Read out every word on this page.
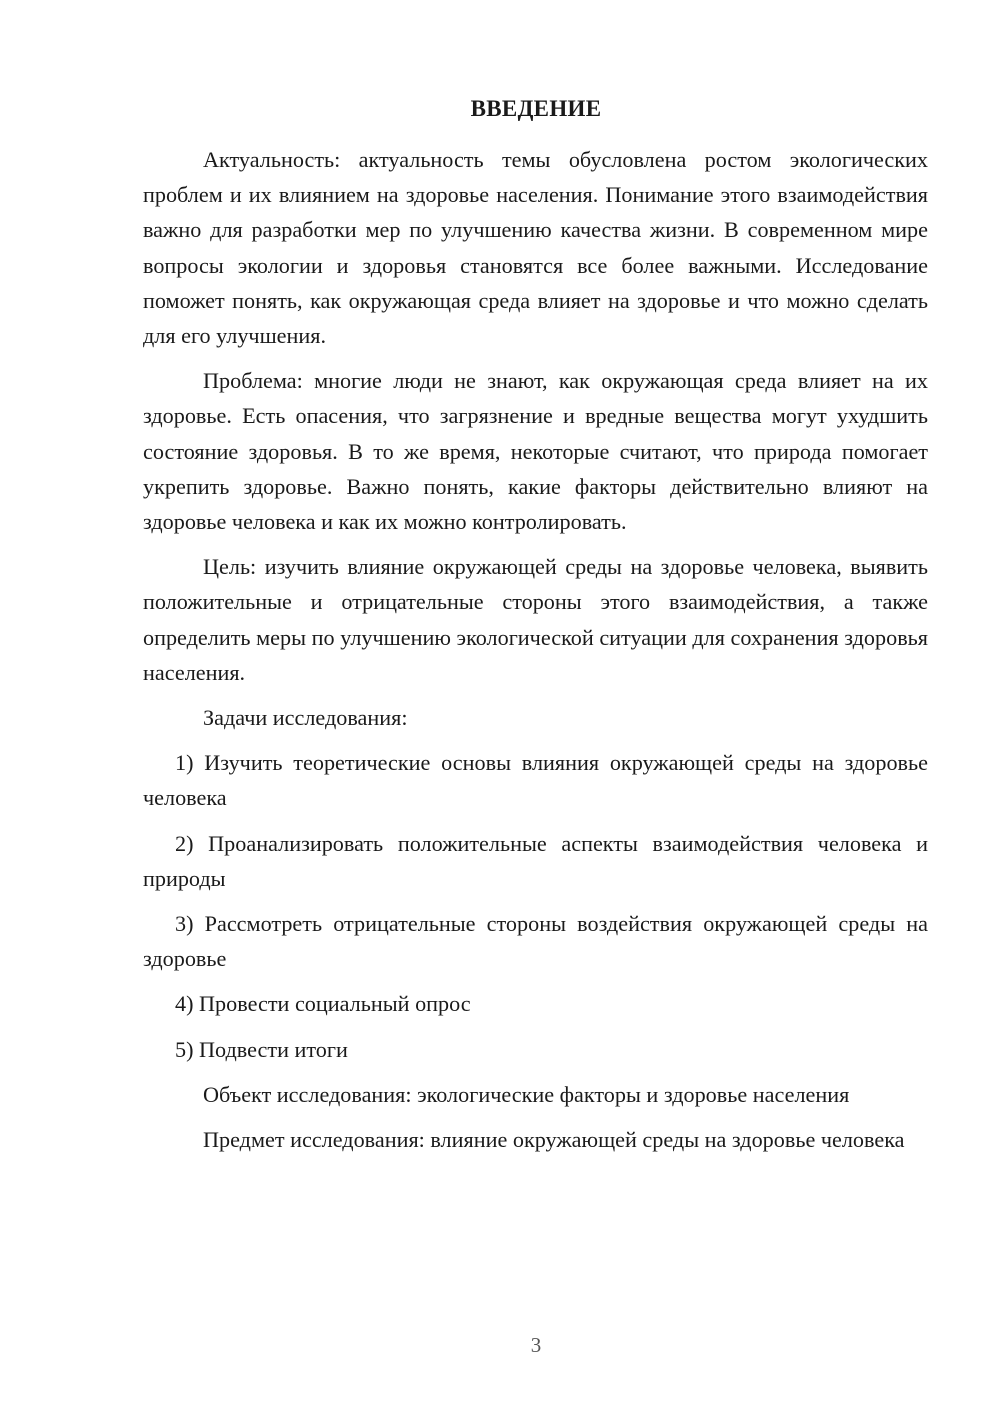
ВВЕДЕНИЕ

Актуальность: актуальность темы обусловлена ростом экологических проблем и их влиянием на здоровье населения. Понимание этого взаимодействия важно для разработки мер по улучшению качества жизни. В современном мире вопросы экологии и здоровья становятся все более важными. Исследование поможет понять, как окружающая среда влияет на здоровье и что можно сделать для его улучшения.

Проблема: многие люди не знают, как окружающая среда влияет на их здоровье. Есть опасения, что загрязнение и вредные вещества могут ухудшить состояние здоровья. В то же время, некоторые считают, что природа помогает укрепить здоровье. Важно понять, какие факторы действительно влияют на здоровье человека и как их можно контролировать.

Цель: изучить влияние окружающей среды на здоровье человека, выявить положительные и отрицательные стороны этого взаимодействия, а также определить меры по улучшению экологической ситуации для сохранения здоровья населения.

Задачи исследования:

1) Изучить теоретические основы влияния окружающей среды на здоровье человека

2) Проанализировать положительные аспекты взаимодействия человека и природы

3) Рассмотреть отрицательные стороны воздействия окружающей среды на здоровье

4) Провести социальный опрос

5) Подвести итоги

Объект исследования: экологические факторы и здоровье населения

Предмет исследования: влияние окружающей среды на здоровье человека

3
